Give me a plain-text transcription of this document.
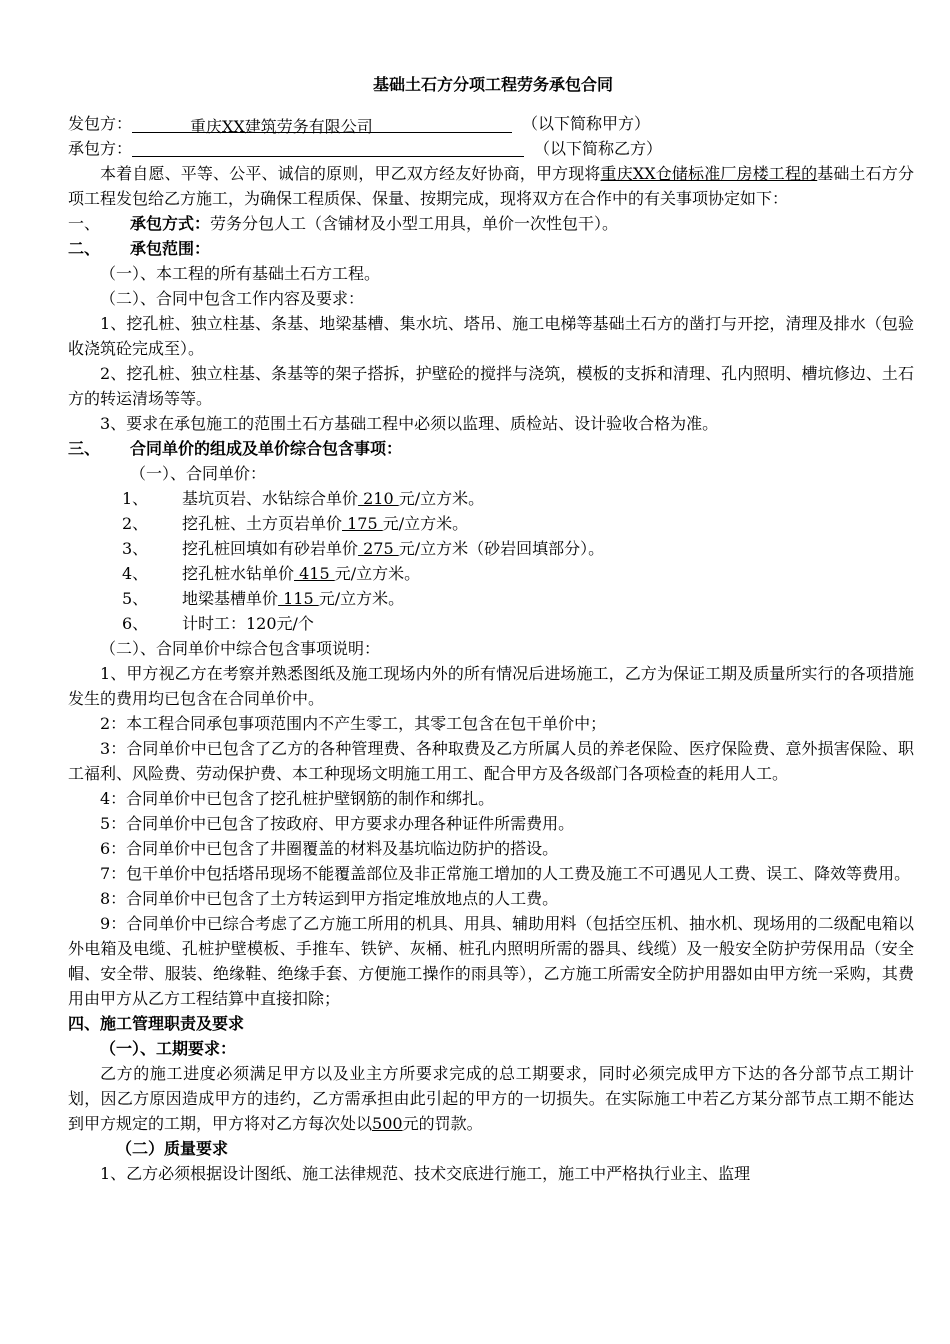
基础土石方分项工程劳务承包合同
发包方：	重庆XX建筑劳务有限公司	（以下简称甲方）
承包方：	（以下简称乙方）
本着自愿、平等、公平、诚信的原则，甲乙双方经友好协商，甲方现将重庆XX仓储标准厂房楼工程的基础土石方分项工程发包给乙方施工，为确保工程质保、保量、按期完成，现将双方在合作中的有关事项协定如下：
一、 承包方式：劳务分包人工（含铺材及小型工用具，单价一次性包干）。
二、 承包范围：
（一）、本工程的所有基础土石方工程。
（二）、合同中包含工作内容及要求：
1、挖孔桩、独立柱基、条基、地梁基槽、集水坑、塔吊、施工电梯等基础土石方的凿打与开挖，清理及排水（包验收浇筑砼完成至）。
2、挖孔桩、独立柱基、条基等的架子搭拆，护壁砼的搅拌与浇筑，模板的支拆和清理、孔内照明、槽坑修边、土石方的转运清场等等。
3、要求在承包施工的范围土石方基础工程中必须以监理、质检站、设计验收合格为准。
三、 合同单价的组成及单价综合包含事项：
（一）、合同单价：
1、 基坑页岩、水钻综合单价 210 元/立方米。
2、 挖孔桩、土方页岩单价 175 元/立方米。
3、 挖孔桩回填如有砂岩单价 275 元/立方米（砂岩回填部分）。
4、 挖孔桩水钻单价 415 元/立方米。
5、 地梁基槽单价 115 元/立方米。
6、 计时工：120元/个
（二）、合同单价中综合包含事项说明：
1、甲方视乙方在考察并熟悉图纸及施工现场内外的所有情况后进场施工，乙方为保证工期及质量所实行的各项措施发生的费用均已包含在合同单价中。
2：本工程合同承包事项范围内不产生零工，其零工包含在包干单价中；
3：合同单价中已包含了乙方的各种管理费、各种取费及乙方所属人员的养老保险、医疗保险费、意外损害保险、职工福利、风险费、劳动保护费、本工种现场文明施工用工、配合甲方及各级部门各项检查的耗用人工。
4：合同单价中已包含了挖孔桩护壁钢筋的制作和绑扎。
5：合同单价中已包含了按政府、甲方要求办理各种证件所需费用。
6：合同单价中已包含了井圈覆盖的材料及基坑临边防护的搭设。
7：包干单价中包括塔吊现场不能覆盖部位及非正常施工增加的人工费及施工不可遇见人工费、误工、降效等费用。
8：合同单价中已包含了土方转运到甲方指定堆放地点的人工费。
9：合同单价中已综合考虑了乙方施工所用的机具、用具、辅助用料（包括空压机、抽水机、现场用的二级配电箱以外电箱及电缆、孔桩护壁模板、手推车、铁铲、灰桶、桩孔内照明所需的器具、线缆）及一般安全防护劳保用品（安全帽、安全带、服装、绝缘鞋、绝缘手套、方便施工操作的雨具等），乙方施工所需安全防护用器如由甲方统一采购，其费用由甲方从乙方工程结算中直接扣除；
四、施工管理职责及要求
（一）、工期要求：
乙方的施工进度必须满足甲方以及业主方所要求完成的总工期要求，同时必须完成甲方下达的各分部节点工期计划，因乙方原因造成甲方的违约，乙方需承担由此引起的甲方的一切损失。在实际施工中若乙方某分部节点工期不能达到甲方规定的工期，甲方将对乙方每次处以500元的罚款。
（二）质量要求
1、乙方必须根据设计图纸、施工法律规范、技术交底进行施工，施工中严格执行业主、监理
